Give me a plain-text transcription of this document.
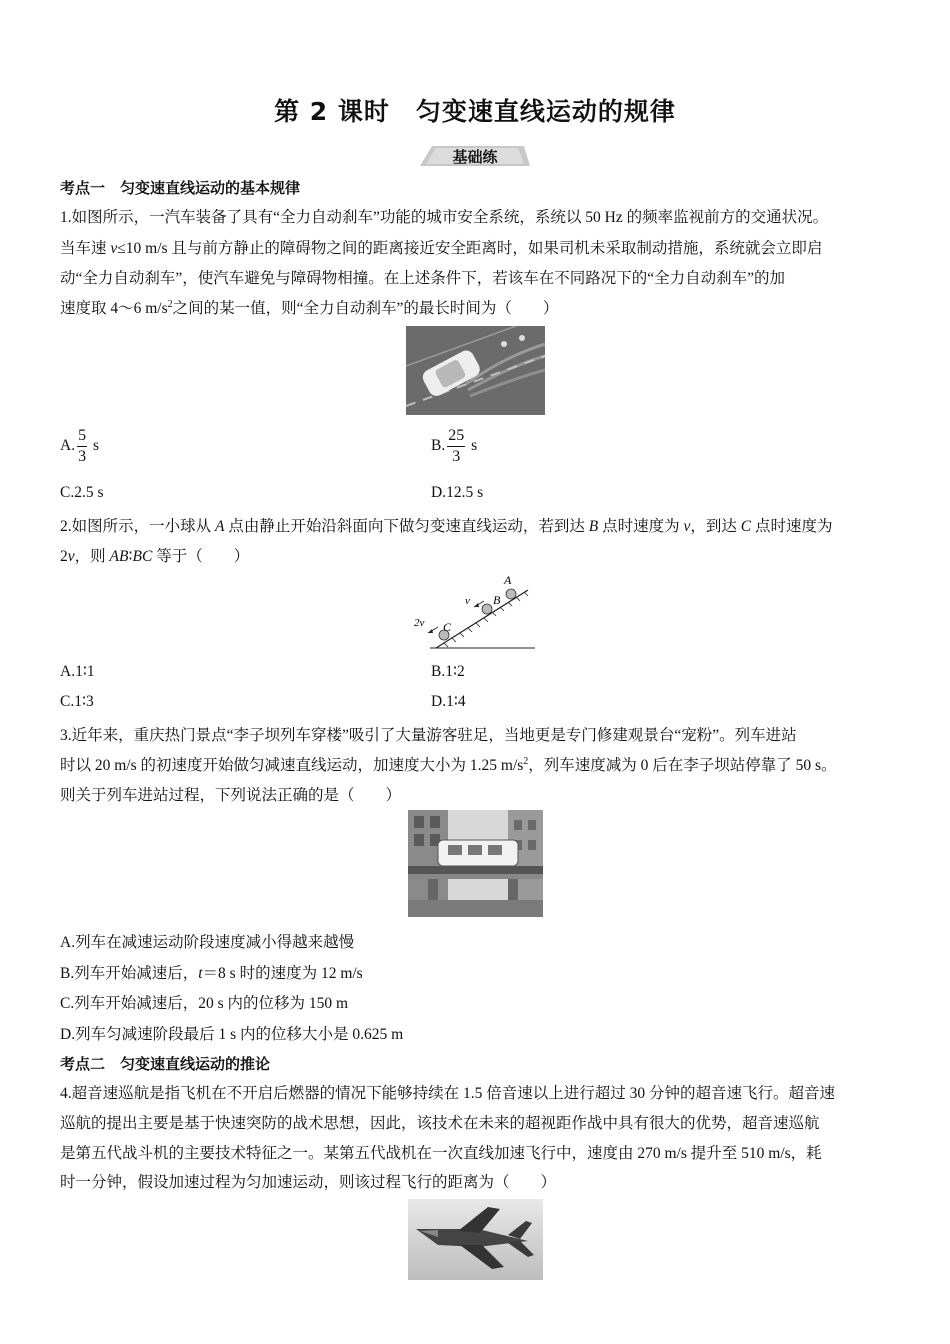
第 2 课时　匀变速直线运动的规律
基础练
考点一　匀变速直线运动的基本规律
1.如图所示，一汽车装备了具有“全力自动刹车”功能的城市安全系统，系统以 50 Hz 的频率监视前方的交通状况。
当车速 v≤10 m/s 且与前方静止的障碍物之间的距离接近安全距离时，如果司机未采取制动措施，系统就会立即启
动“全力自动刹车”，使汽车避免与障碍物相撞。在上述条件下，若该车在不同路况下的“全力自动刹车”的加
速度取 4～6 $m/s^2$之间的某一值，则“全力自动刹车”的最长时间为（　　）
A. $\frac{5}{3}$ s	B. $\frac{25}{3}$ s
C.2.5 s	D.12.5 s
2.如图所示，一小球从 A 点由静止开始沿斜面向下做匀变速直线运动，若到达 B 点时速度为 v，到达 C 点时速度为
2v，则 AB∶BC 等于（　　）
A
B
C
v
2v
A.1∶1	B.1∶2
C.1∶3	D.1∶4
3.近年来，重庆热门景点“李子坝列车穿楼”吸引了大量游客驻足，当地更是专门修建观景台“宠粉”。列车进站
时以 20 m/s 的初速度开始做匀减速直线运动，加速度大小为 1.25 $m/s^2$，列车速度减为 0 后在李子坝站停靠了 50 s。
则关于列车进站过程，下列说法正确的是（　　）
A.列车在减速运动阶段速度减小得越来越慢
B.列车开始减速后，t＝8 s 时的速度为 12 m/s
C.列车开始减速后，20 s 内的位移为 150 m
D.列车匀减速阶段最后 1 s 内的位移大小是 0.625 m
考点二　匀变速直线运动的推论
4.超音速巡航是指飞机在不开启后燃器的情况下能够持续在 1.5 倍音速以上进行超过 30 分钟的超音速飞行。超音速
巡航的提出主要是基于快速突防的战术思想，因此，该技术在未来的超视距作战中具有很大的优势，超音速巡航
是第五代战斗机的主要技术特征之一。某第五代战机在一次直线加速飞行中，速度由 270 m/s 提升至 510 m/s，耗
时一分钟，假设加速过程为匀加速运动，则该过程飞行的距离为（　　）
